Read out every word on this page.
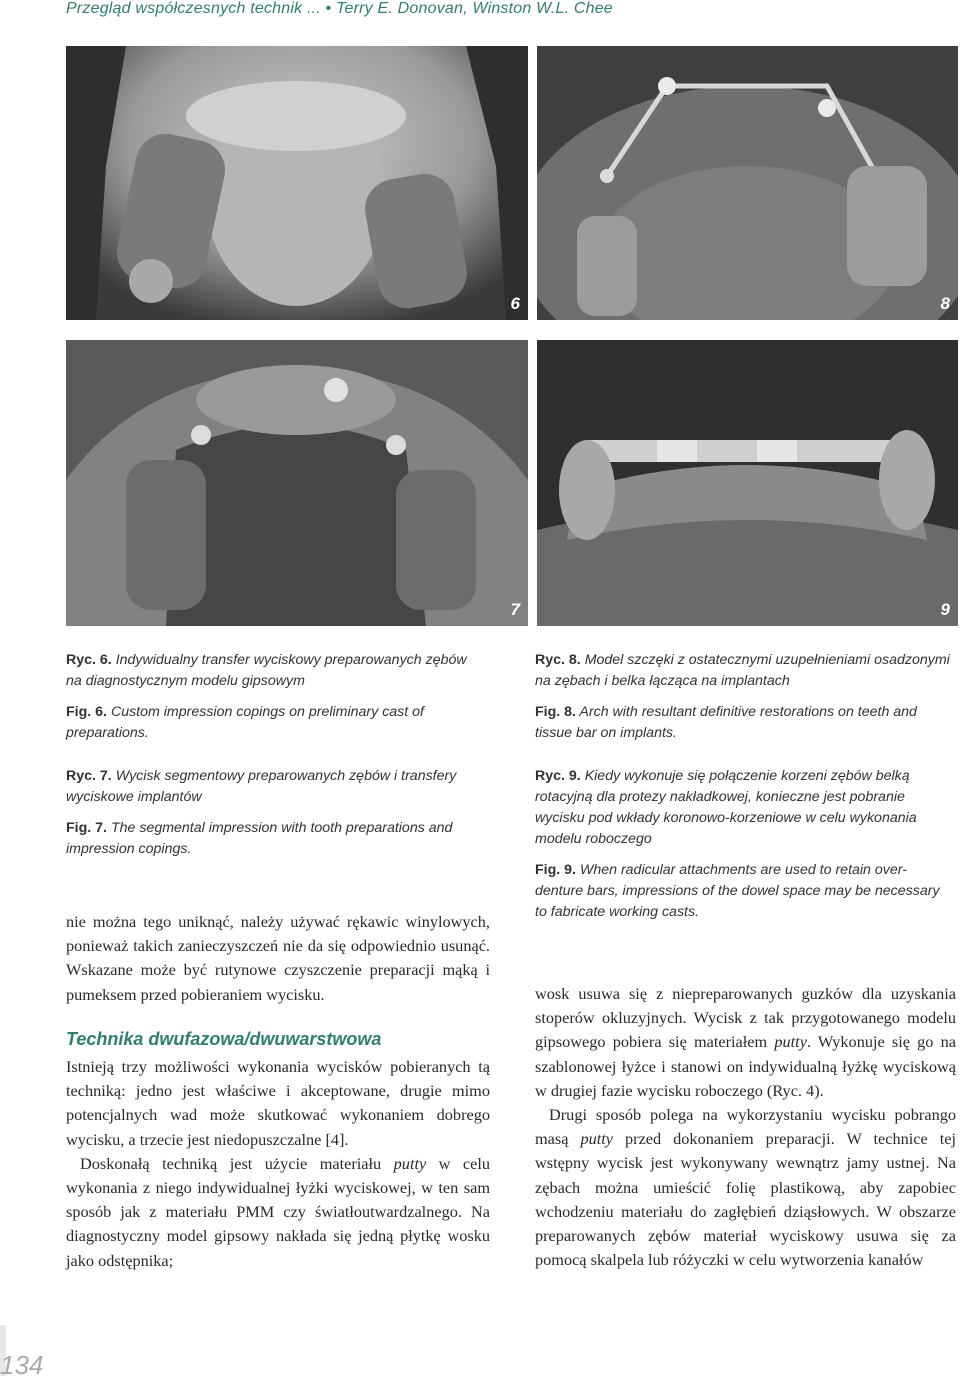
Przegląd współczesnych technik ... • Terry E. Donovan, Winston W.L. Chee
6	8
7	9

Ryc. 6. Indywidualny transfer wyciskowy preparowanych zębów na diagnostycznym modelu gipsowym

Fig. 6. Custom impression copings on preliminary cast of preparations.

Ryc. 7. Wycisk segmentowy preparowanych zębów i transfery wyciskowe implantów

Fig. 7. The segmental impression with tooth preparations and impression copings.

Ryc. 8. Model szczęki z ostatecznymi uzupełnieniami osadzonymi na zębach i belka łącząca na implantach

Fig. 8. Arch with resultant definitive restorations on teeth and tissue bar on implants.

Ryc. 9. Kiedy wykonuje się połączenie korzeni zębów belką rotacyjną dla protezy nakładkowej, konieczne jest pobranie wycisku pod wkłady koronowo-korzeniowe w celu wykonania modelu roboczego

Fig. 9. When radicular attachments are used to retain over-denture bars, impressions of the dowel space may be necessary to fabricate working casts.

nie można tego uniknąć, należy używać rękawic winylowych, ponieważ takich zanieczyszczeń nie da się odpowiednio usunąć. Wskazane może być rutynowe czyszczenie preparacji mąką i pumeksem przed pobieraniem wycisku.

Technika dwufazowa/dwuwarstwowa

Istnieją trzy możliwości wykonania wycisków pobieranych tą techniką: jedno jest właściwe i akceptowane, drugie mimo potencjalnych wad może skutkować wykonaniem dobrego wycisku, a trzecie jest niedopuszczalne [4].

Doskonałą techniką jest użycie materiału putty w celu wykonania z niego indywidualnej łyżki wyciskowej, w ten sam sposób jak z materiału PMM czy światłoutwardzalnego. Na diagnostyczny model gipsowy nakłada się jedną płytkę wosku jako odstępnika;

wosk usuwa się z niepreparowanych guzków dla uzyskania stoperów okluzyjnych. Wycisk z tak przygotowanego modelu gipsowego pobiera się materiałem putty. Wykonuje się go na szablonowej łyżce i stanowi on indywidualną łyżkę wyciskową w drugiej fazie wycisku roboczego (Ryc. 4).

Drugi sposób polega na wykorzystaniu wycisku pobrango masą putty przed dokonaniem preparacji. W technice tej wstępny wycisk jest wykonywany wewnątrz jamy ustnej. Na zębach można umieścić folię plastikową, aby zapobiec wchodzeniu materiału do zagłębień dziąsłowych. W obszarze preparowanych zębów materiał wyciskowy usuwa się za pomocą skalpela lub różyczki w celu wytworzenia kanałów

134
